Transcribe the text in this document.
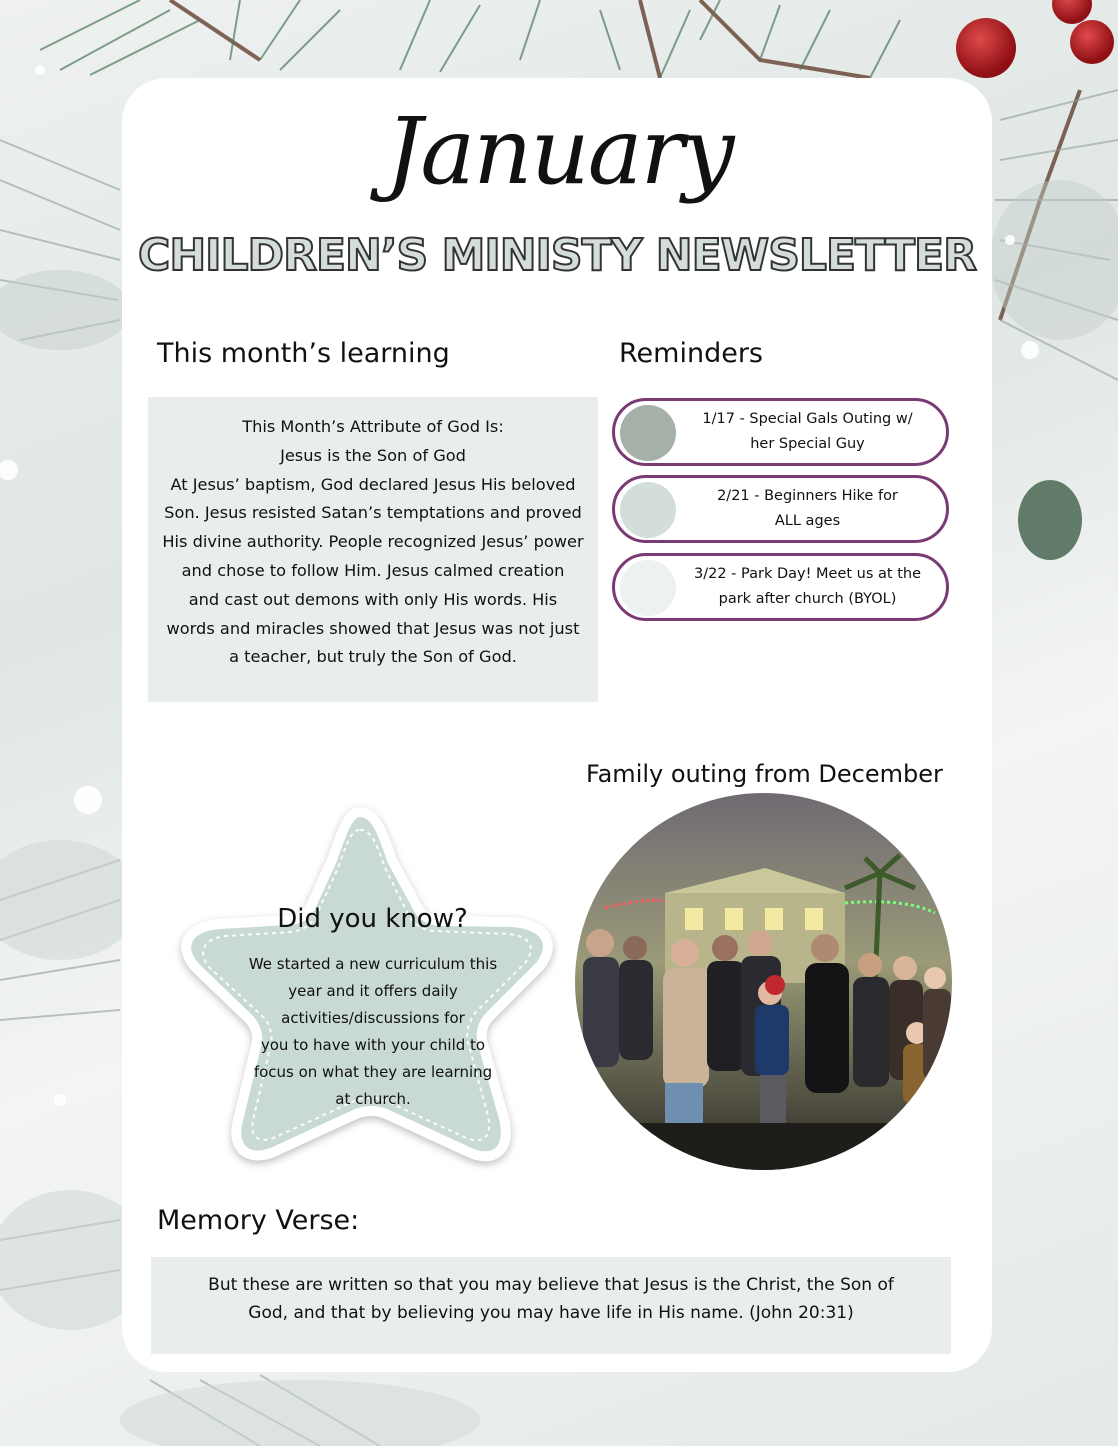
January
CHILDREN’S MINISTY NEWSLETTER
This month’s learning
This Month’s Attribute of God Is:
Jesus is the Son of God
At Jesus’ baptism, God declared Jesus His beloved
Son. Jesus resisted Satan’s temptations and proved
His divine authority. People recognized Jesus’ power
and chose to follow Him. Jesus calmed creation
and cast out demons with only His words. His
words and miracles showed that Jesus was not just
a teacher, but truly the Son of God.
Reminders
1/17 - Special Gals Outing w/
her Special Guy
2/21 - Beginners Hike for
ALL ages
3/22 - Park Day! Meet us at the
park after church (BYOL)
Did you know?
We started a new curriculum this
year and it offers daily
activities/discussions for
you to have with your child to
focus on what they are learning
at church.
Family outing from December
Memory Verse:
But these are written so that you may believe that Jesus is the Christ, the Son of
God, and that by believing you may have life in His name. (John 20:31)
